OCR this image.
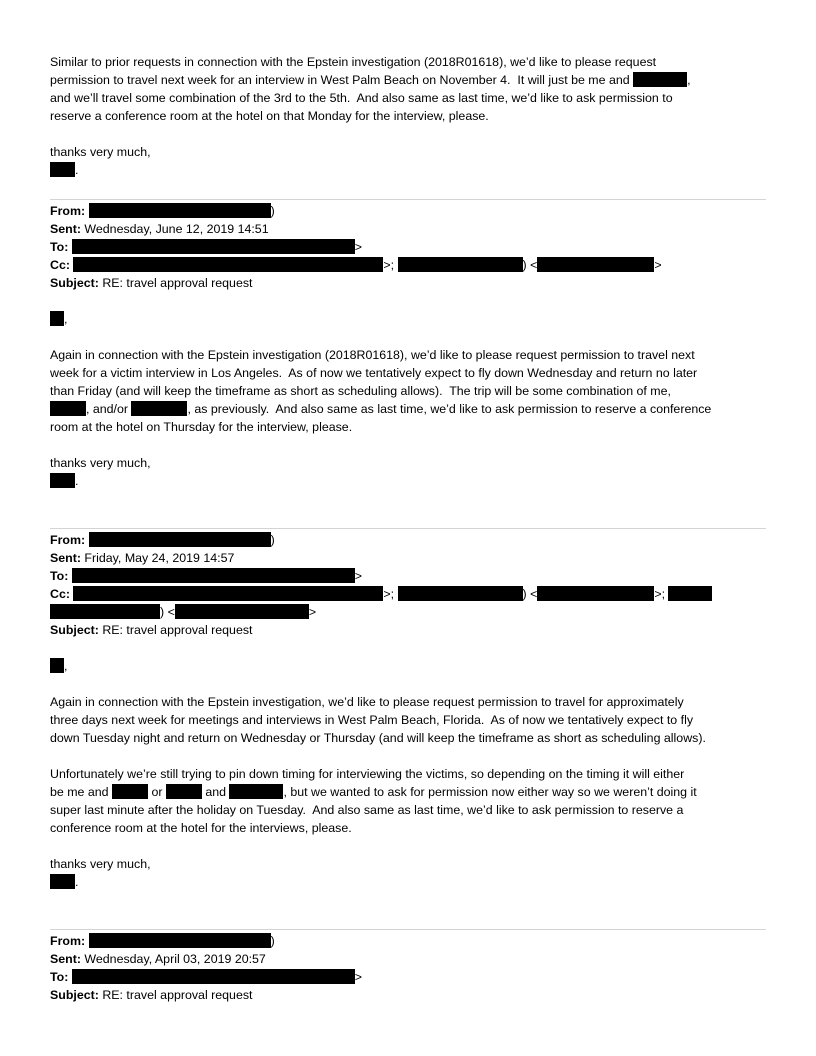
Similar to prior requests in connection with the Epstein investigation (2018R01618), we’d like to please request
permission to travel next week for an interview in West Palm Beach on November 4.  It will just be me and	,
and we’ll travel some combination of the 3rd to the 5th.  And also same as last time, we’d like to ask permission to
reserve a conference room at the hotel on that Monday for the interview, please.
thanks very much,
.
From:	)
Sent: Wednesday, June 12, 2019 14:51
To:	>
Cc:	>;	) <	>
Subject: RE: travel approval request
,
Again in connection with the Epstein investigation (2018R01618), we’d like to please request permission to travel next
week for a victim interview in Los Angeles.  As of now we tentatively expect to fly down Wednesday and return no later
than Friday (and will keep the timeframe as short as scheduling allows).  The trip will be some combination of me,
, and/or	, as previously.  And also same as last time, we’d like to ask permission to reserve a conference
room at the hotel on Thursday for the interview, please.
thanks very much,
.
From:	)
Sent: Friday, May 24, 2019 14:57
To:	>
Cc:	>;	) <	>;
) <	>
Subject: RE: travel approval request
,
Again in connection with the Epstein investigation, we’d like to please request permission to travel for approximately
three days next week for meetings and interviews in West Palm Beach, Florida.  As of now we tentatively expect to fly
down Tuesday night and return on Wednesday or Thursday (and will keep the timeframe as short as scheduling allows).
Unfortunately we’re still trying to pin down timing for interviewing the victims, so depending on the timing it will either
be me and	or	and	, but we wanted to ask for permission now either way so we weren’t doing it
super last minute after the holiday on Tuesday.  And also same as last time, we’d like to ask permission to reserve a
conference room at the hotel for the interviews, please.
thanks very much,
.
From:	)
Sent: Wednesday, April 03, 2019 20:57
To:	>
Subject: RE: travel approval request
